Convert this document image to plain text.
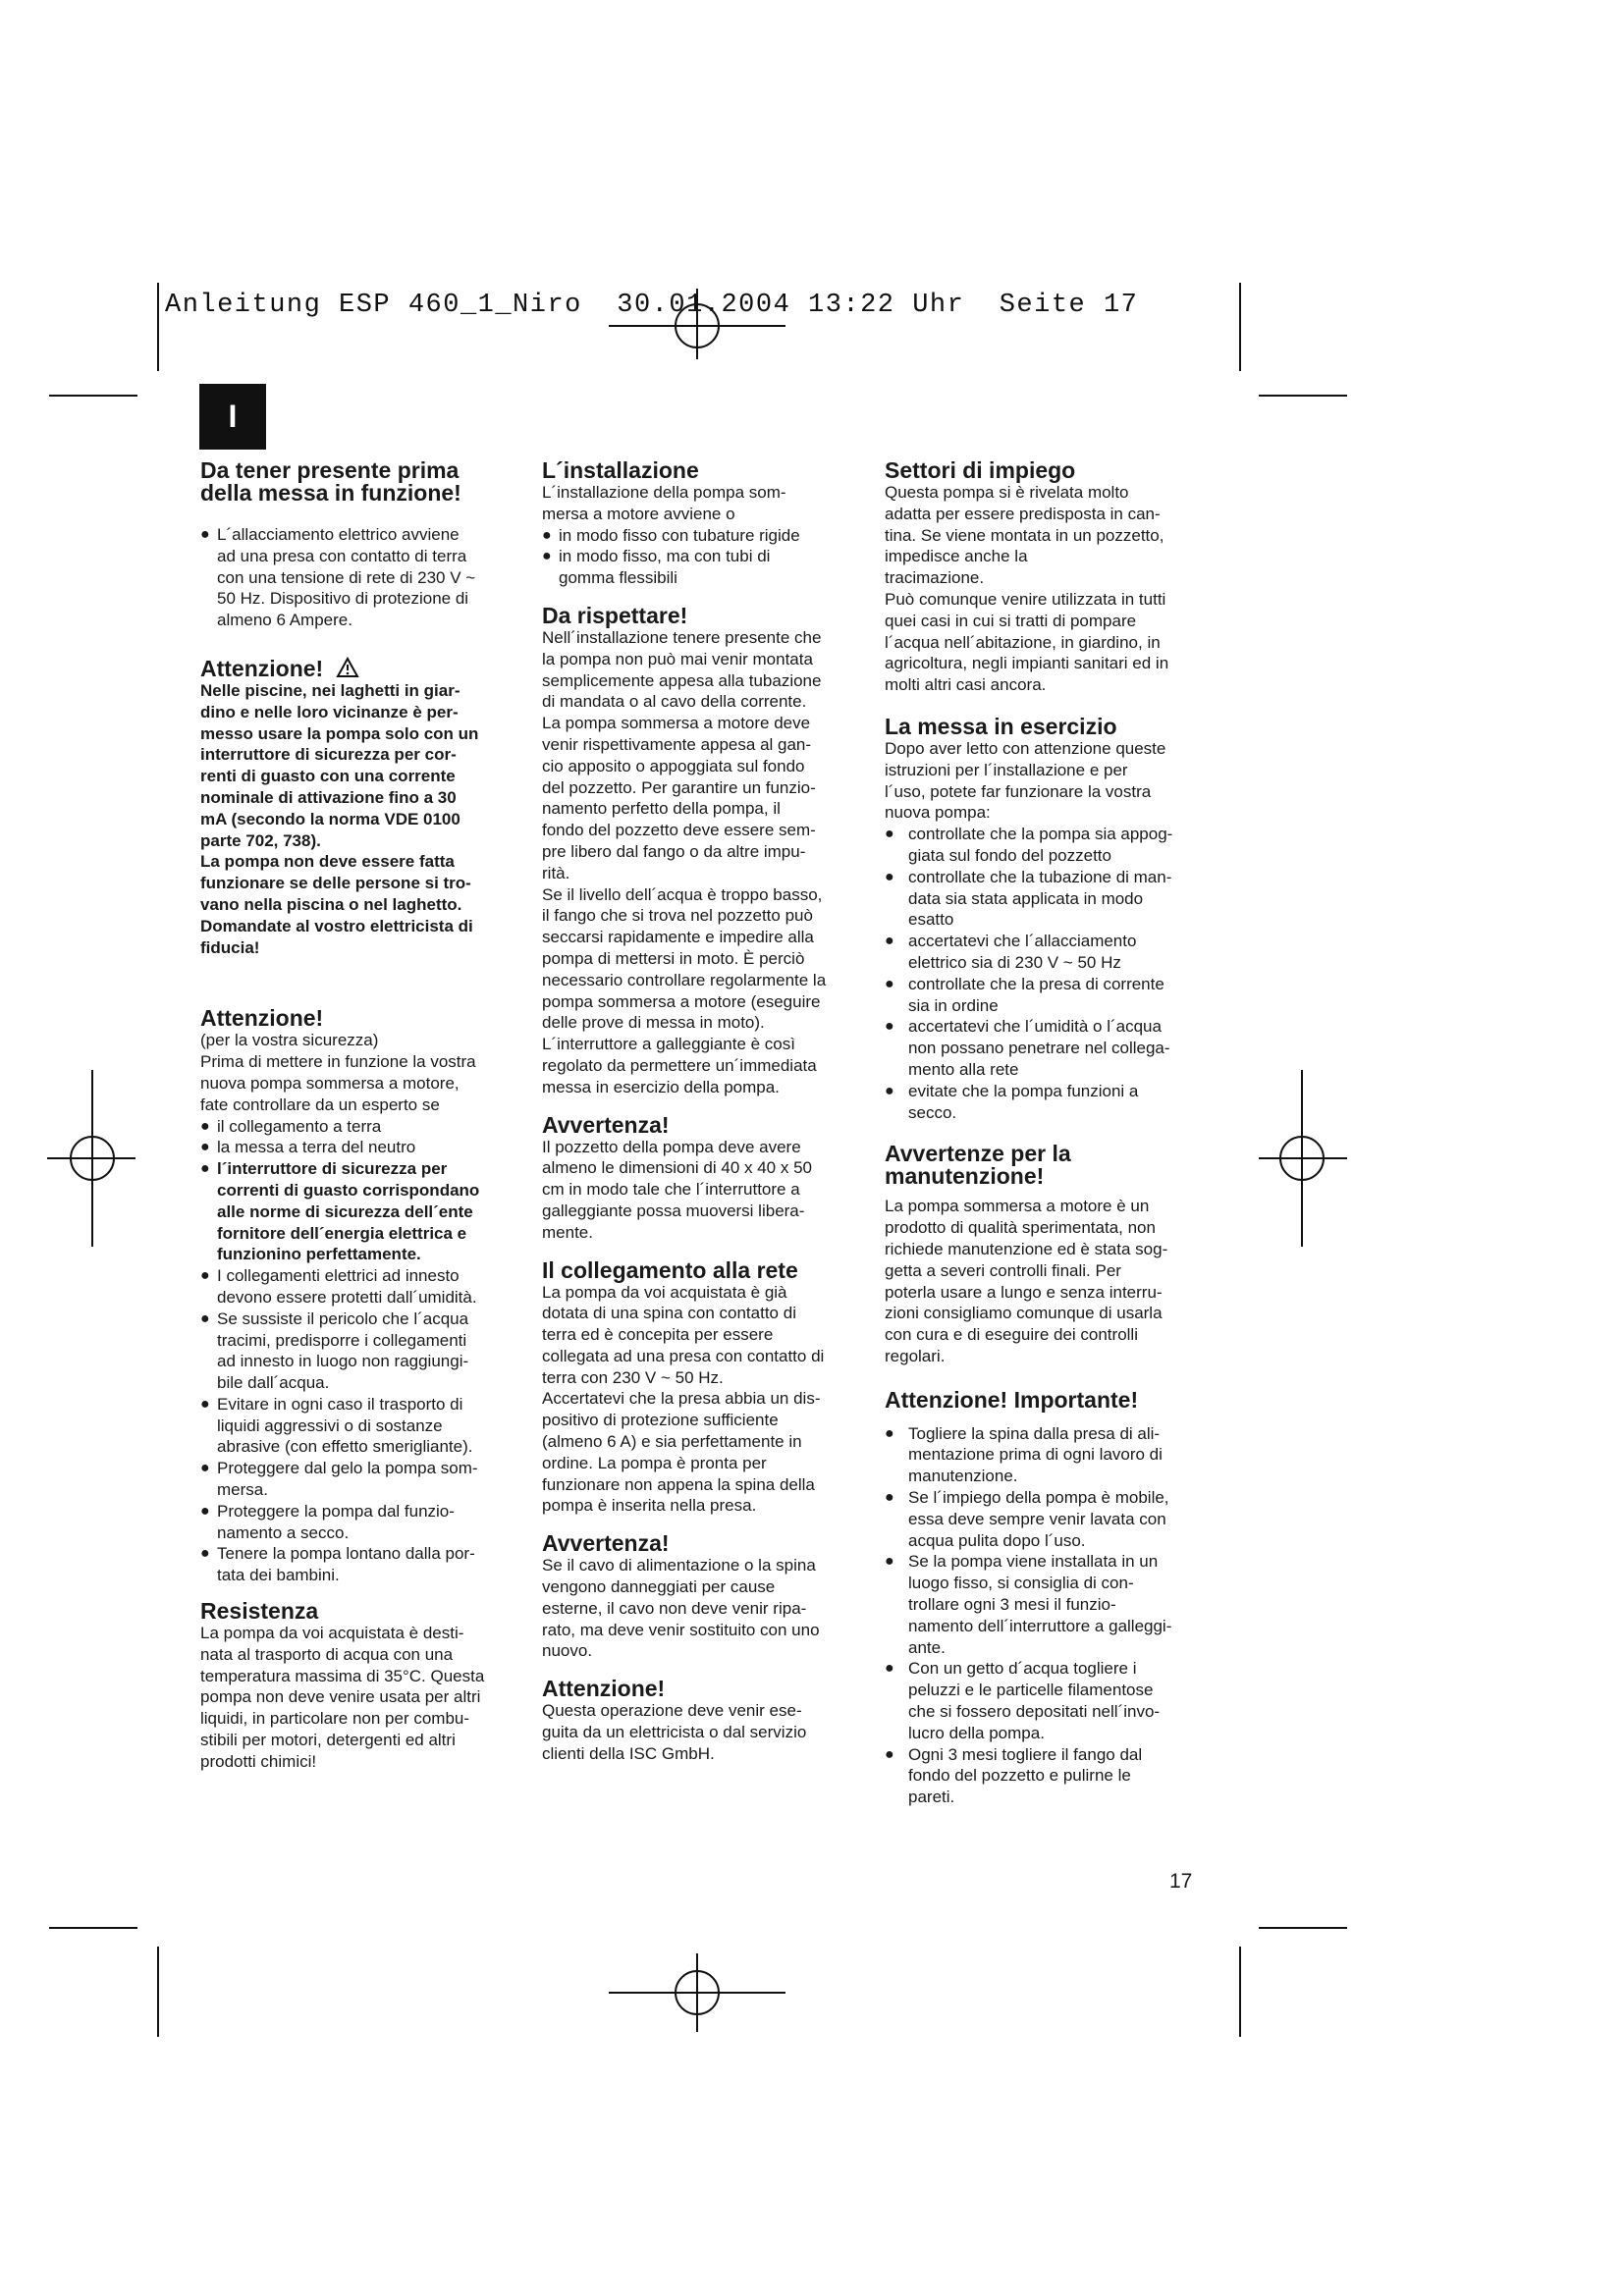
Anleitung ESP 460_1_Niro  30.01.2004 13:22 Uhr  Seite 17
I
Da tener presente prima
della messa in funzione!
● L´allacciamento elettrico avviene
ad una presa con contatto di terra
con una tensione di rete di 230 V ~
50 Hz. Dispositivo di protezione di
almeno 6 Ampere.
Attenzione!
Nelle piscine, nei laghetti in giar-
dino e nelle loro vicinanze è per-
messo usare la pompa solo con un
interruttore di sicurezza per cor-
renti di guasto con una corrente
nominale di attivazione fino a 30
mA (secondo la norma VDE 0100
parte 702, 738).
La pompa non deve essere fatta
funzionare se delle persone si tro-
vano nella piscina o nel laghetto.
Domandate al vostro elettricista di
fiducia!
Attenzione!
(per la vostra sicurezza)
Prima di mettere in funzione la vostra
nuova pompa sommersa a motore,
fate controllare da un esperto se
● il collegamento a terra
● la messa a terra del neutro
● l´interruttore di sicurezza per
correnti di guasto corrispondano
alle norme di sicurezza dell´ente
fornitore dell´energia elettrica e
funzionino perfettamente.
● I collegamenti elettrici ad innesto
devono essere protetti dall´umidità.
● Se sussiste il pericolo che l´acqua
tracimi, predisporre i collegamenti
ad innesto in luogo non raggiungi-
bile dall´acqua.
● Evitare in ogni caso il trasporto di
liquidi aggressivi o di sostanze
abrasive (con effetto smerigliante).
● Proteggere dal gelo la pompa som-
mersa.
● Proteggere la pompa dal funzio-
namento a secco.
● Tenere la pompa lontano dalla por-
tata dei bambini.
Resistenza
La pompa da voi acquistata è desti-
nata al trasporto di acqua con una
temperatura massima di 35°C. Questa
pompa non deve venire usata per altri
liquidi, in particolare non per combu-
stibili per motori, detergenti ed altri
prodotti chimici!
L´installazione
L´installazione della pompa som-
mersa a motore avviene o
● in modo fisso con tubature rigide
● in modo fisso, ma con tubi di
gomma flessibili
Da rispettare!
Nell´installazione tenere presente che
la pompa non può mai venir montata
semplicemente appesa alla tubazione
di mandata o al cavo della corrente.
La pompa sommersa a motore deve
venir rispettivamente appesa al gan-
cio apposito o appoggiata sul fondo
del pozzetto. Per garantire un funzio-
namento perfetto della pompa, il
fondo del pozzetto deve essere sem-
pre libero dal fango o da altre impu-
rità.
Se il livello dell´acqua è troppo basso,
il fango che si trova nel pozzetto può
seccarsi rapidamente e impedire alla
pompa di mettersi in moto. È perciò
necessario controllare regolarmente la
pompa sommersa a motore (eseguire
delle prove di messa in moto).
L´interruttore a galleggiante è così
regolato da permettere un´immediata
messa in esercizio della pompa.
Avvertenza!
Il pozzetto della pompa deve avere
almeno le dimensioni di 40 x 40 x 50
cm in modo tale che l´interruttore a
galleggiante possa muoversi libera-
mente.
Il collegamento alla rete
La pompa da voi acquistata è già
dotata di una spina con contatto di
terra ed è concepita per essere
collegata ad una presa con contatto di
terra con 230 V ~ 50 Hz.
Accertatevi che la presa abbia un dis-
positivo di protezione sufficiente
(almeno 6 A) e sia perfettamente in
ordine. La pompa è pronta per
funzionare non appena la spina della
pompa è inserita nella presa.
Avvertenza!
Se il cavo di alimentazione o la spina
vengono danneggiati per cause
esterne, il cavo non deve venir ripa-
rato, ma deve venir sostituito con uno
nuovo.
Attenzione!
Questa operazione deve venir ese-
guita da un elettricista o dal servizio
clienti della ISC GmbH.
Settori di impiego
Questa pompa si è rivelata molto
adatta per essere predisposta in can-
tina. Se viene montata in un pozzetto,
impedisce anche la
tracimazione.
Può comunque venire utilizzata in tutti
quei casi in cui si tratti di pompare
l´acqua nell´abitazione, in giardino, in
agricoltura, negli impianti sanitari ed in
molti altri casi ancora.
La messa in esercizio
Dopo aver letto con attenzione queste
istruzioni per l´installazione e per
l´uso, potete far funzionare la vostra
nuova pompa:
● controllate che la pompa sia appog-
giata sul fondo del pozzetto
● controllate che la tubazione di man-
data sia stata applicata in modo
esatto
● accertatevi che l´allacciamento
elettrico sia di 230 V ~ 50 Hz
● controllate che la presa di corrente
sia in ordine
● accertatevi che l´umidità o l´acqua
non possano penetrare nel collega-
mento alla rete
● evitate che la pompa funzioni a
secco.
Avvertenze per la
manutenzione!
La pompa sommersa a motore è un
prodotto di qualità sperimentata, non
richiede manutenzione ed è stata sog-
getta a severi controlli finali. Per
poterla usare a lungo e senza interru-
zioni consigliamo comunque di usarla
con cura e di eseguire dei controlli
regolari.
Attenzione! Importante!
● Togliere la spina dalla presa di ali-
mentazione prima di ogni lavoro di
manutenzione.
● Se l´impiego della pompa è mobile,
essa deve sempre venir lavata con
acqua pulita dopo l´uso.
● Se la pompa viene installata in un
luogo fisso, si consiglia di con-
trollare ogni 3 mesi il funzio-
namento dell´interruttore a galleggi-
ante.
● Con un getto d´acqua togliere i
peluzzi e le particelle filamentose
che si fossero depositati nell´invo-
lucro della pompa.
● Ogni 3 mesi togliere il fango dal
fondo del pozzetto e pulirne le
pareti.
17
